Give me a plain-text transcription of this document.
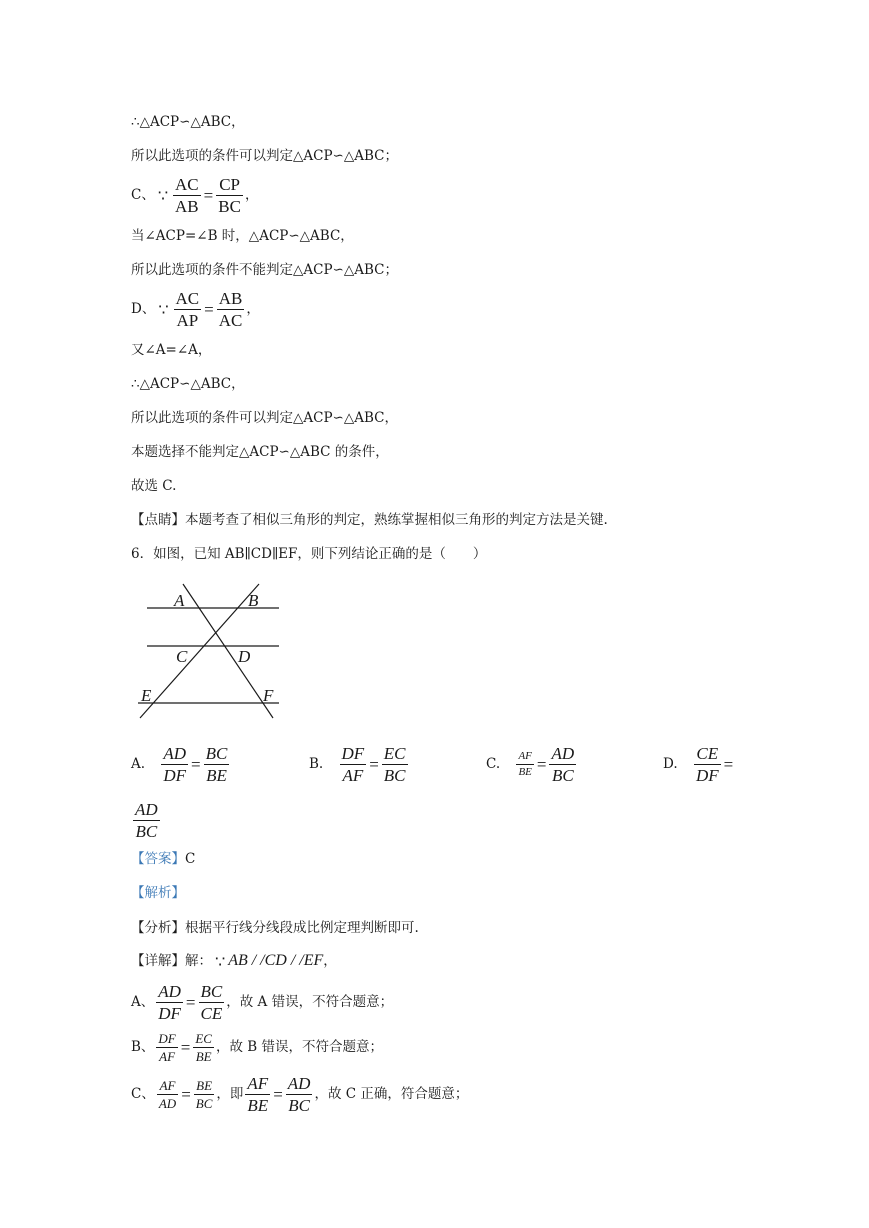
∴△ACP∽△ABC，
所以此选项的条件可以判定△ACP∽△ABC；
C、 ∵ $\frac{AC}{AB} = \frac{CP}{BC}$ ，
当∠ACP=∠B 时，△ACP∽△ABC，
所以此选项的条件不能判定△ACP∽△ABC；
D、 ∵ $\frac{AC}{AP} = \frac{AB}{AC}$ ，
又∠A=∠A，
∴△ACP∽△ABC，
所以此选项的条件可以判定△ACP∽△ABC，
本题选择不能判定△ACP∽△ABC 的条件，
故选 C.
【点睛】本题考查了相似三角形的判定，熟练掌握相似三角形的判定方法是关键.
6．如图，已知 AB∥CD∥EF，则下列结论正确的是（　　）
A	B
C	D
E	F
A. $\frac{AD}{DF} = \frac{BC}{BE}$	B. $\frac{DF}{AF} = \frac{EC}{BC}$	C. $\frac{AF}{BE} = \frac{AD}{BC}$	D. $\frac{CE}{DF}$ =
$\frac{AD}{BC}$
【答案】C
【解析】
【分析】根据平行线分线段成比例定理判断即可.
【详解】解： ∵ AB / /CD / /EF，
A、 $\frac{AD}{DF} = \frac{BC}{CE}$ ，故 A 错误，不符合题意；
B、 $\frac{DF}{AF} = \frac{EC}{BE}$ ，故 B 错误，不符合题意；
C、 $\frac{AF}{AD} = \frac{BE}{BC}$ ，即 $\frac{AF}{BE} = \frac{AD}{BC}$ ，故 C 正确，符合题意；
